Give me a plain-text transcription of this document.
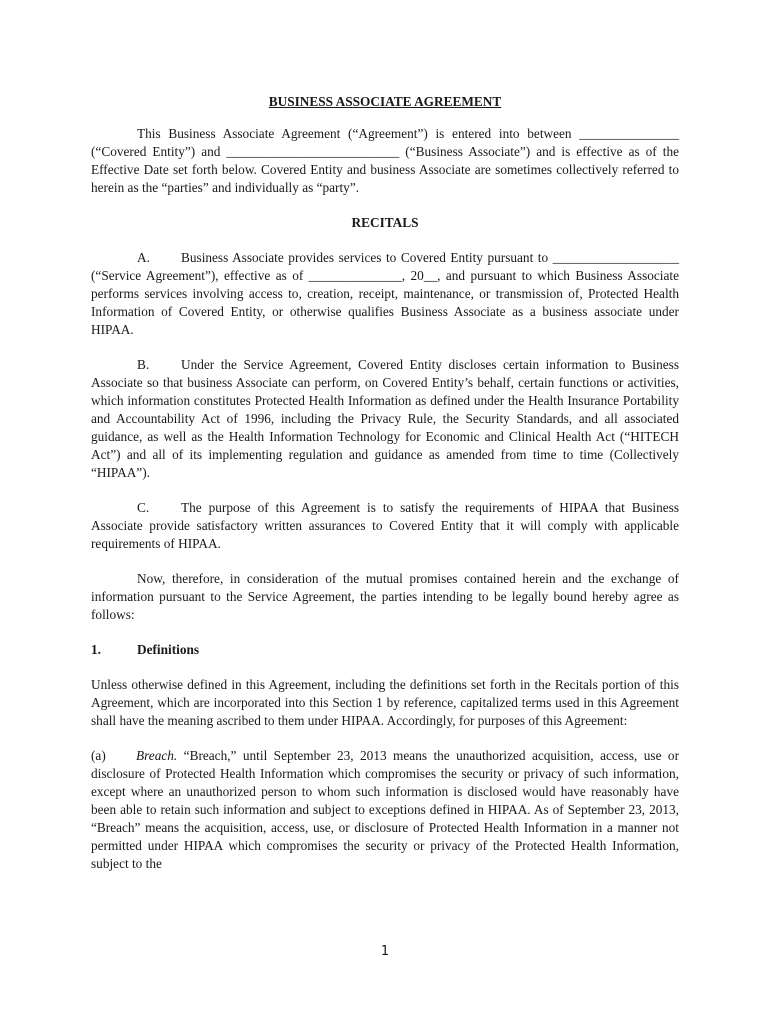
BUSINESS ASSOCIATE AGREEMENT

This Business Associate Agreement (“Agreement”) is entered into between _______________ (“Covered Entity”) and __________________________ (“Business Associate”) and is effective as of the Effective Date set forth below. Covered Entity and business Associate are sometimes collectively referred to herein as the “parties” and individually as “party”.

RECITALS

A. Business Associate provides services to Covered Entity pursuant to ___________________ (“Service Agreement”), effective as of ______________, 20__, and pursuant to which Business Associate performs services involving access to, creation, receipt, maintenance, or transmission of, Protected Health Information of Covered Entity, or otherwise qualifies Business Associate as a business associate under HIPAA.

B. Under the Service Agreement, Covered Entity discloses certain information to Business Associate so that business Associate can perform, on Covered Entity’s behalf, certain functions or activities, which information constitutes Protected Health Information as defined under the Health Insurance Portability and Accountability Act of 1996, including the Privacy Rule, the Security Standards, and all associated guidance, as well as the Health Information Technology for Economic and Clinical Health Act (“HITECH Act”) and all of its implementing regulation and guidance as amended from time to time (Collectively “HIPAA”).

C. The purpose of this Agreement is to satisfy the requirements of HIPAA that Business Associate provide satisfactory written assurances to Covered Entity that it will comply with applicable requirements of HIPAA.

Now, therefore, in consideration of the mutual promises contained herein and the exchange of information pursuant to the Service Agreement, the parties intending to be legally bound hereby agree as follows:

1.	Definitions

Unless otherwise defined in this Agreement, including the definitions set forth in the Recitals portion of this Agreement, which are incorporated into this Section 1 by reference, capitalized terms used in this Agreement shall have the meaning ascribed to them under HIPAA. Accordingly, for purposes of this Agreement:

(a) Breach. “Breach,” until September 23, 2013 means the unauthorized acquisition, access, use or disclosure of Protected Health Information which compromises the security or privacy of such information, except where an unauthorized person to whom such information is disclosed would have reasonably have been able to retain such information and subject to exceptions defined in HIPAA. As of September 23, 2013, “Breach” means the acquisition, access, use, or disclosure of Protected Health Information in a manner not permitted under HIPAA which compromises the security or privacy of the Protected Health Information, subject to the

1
